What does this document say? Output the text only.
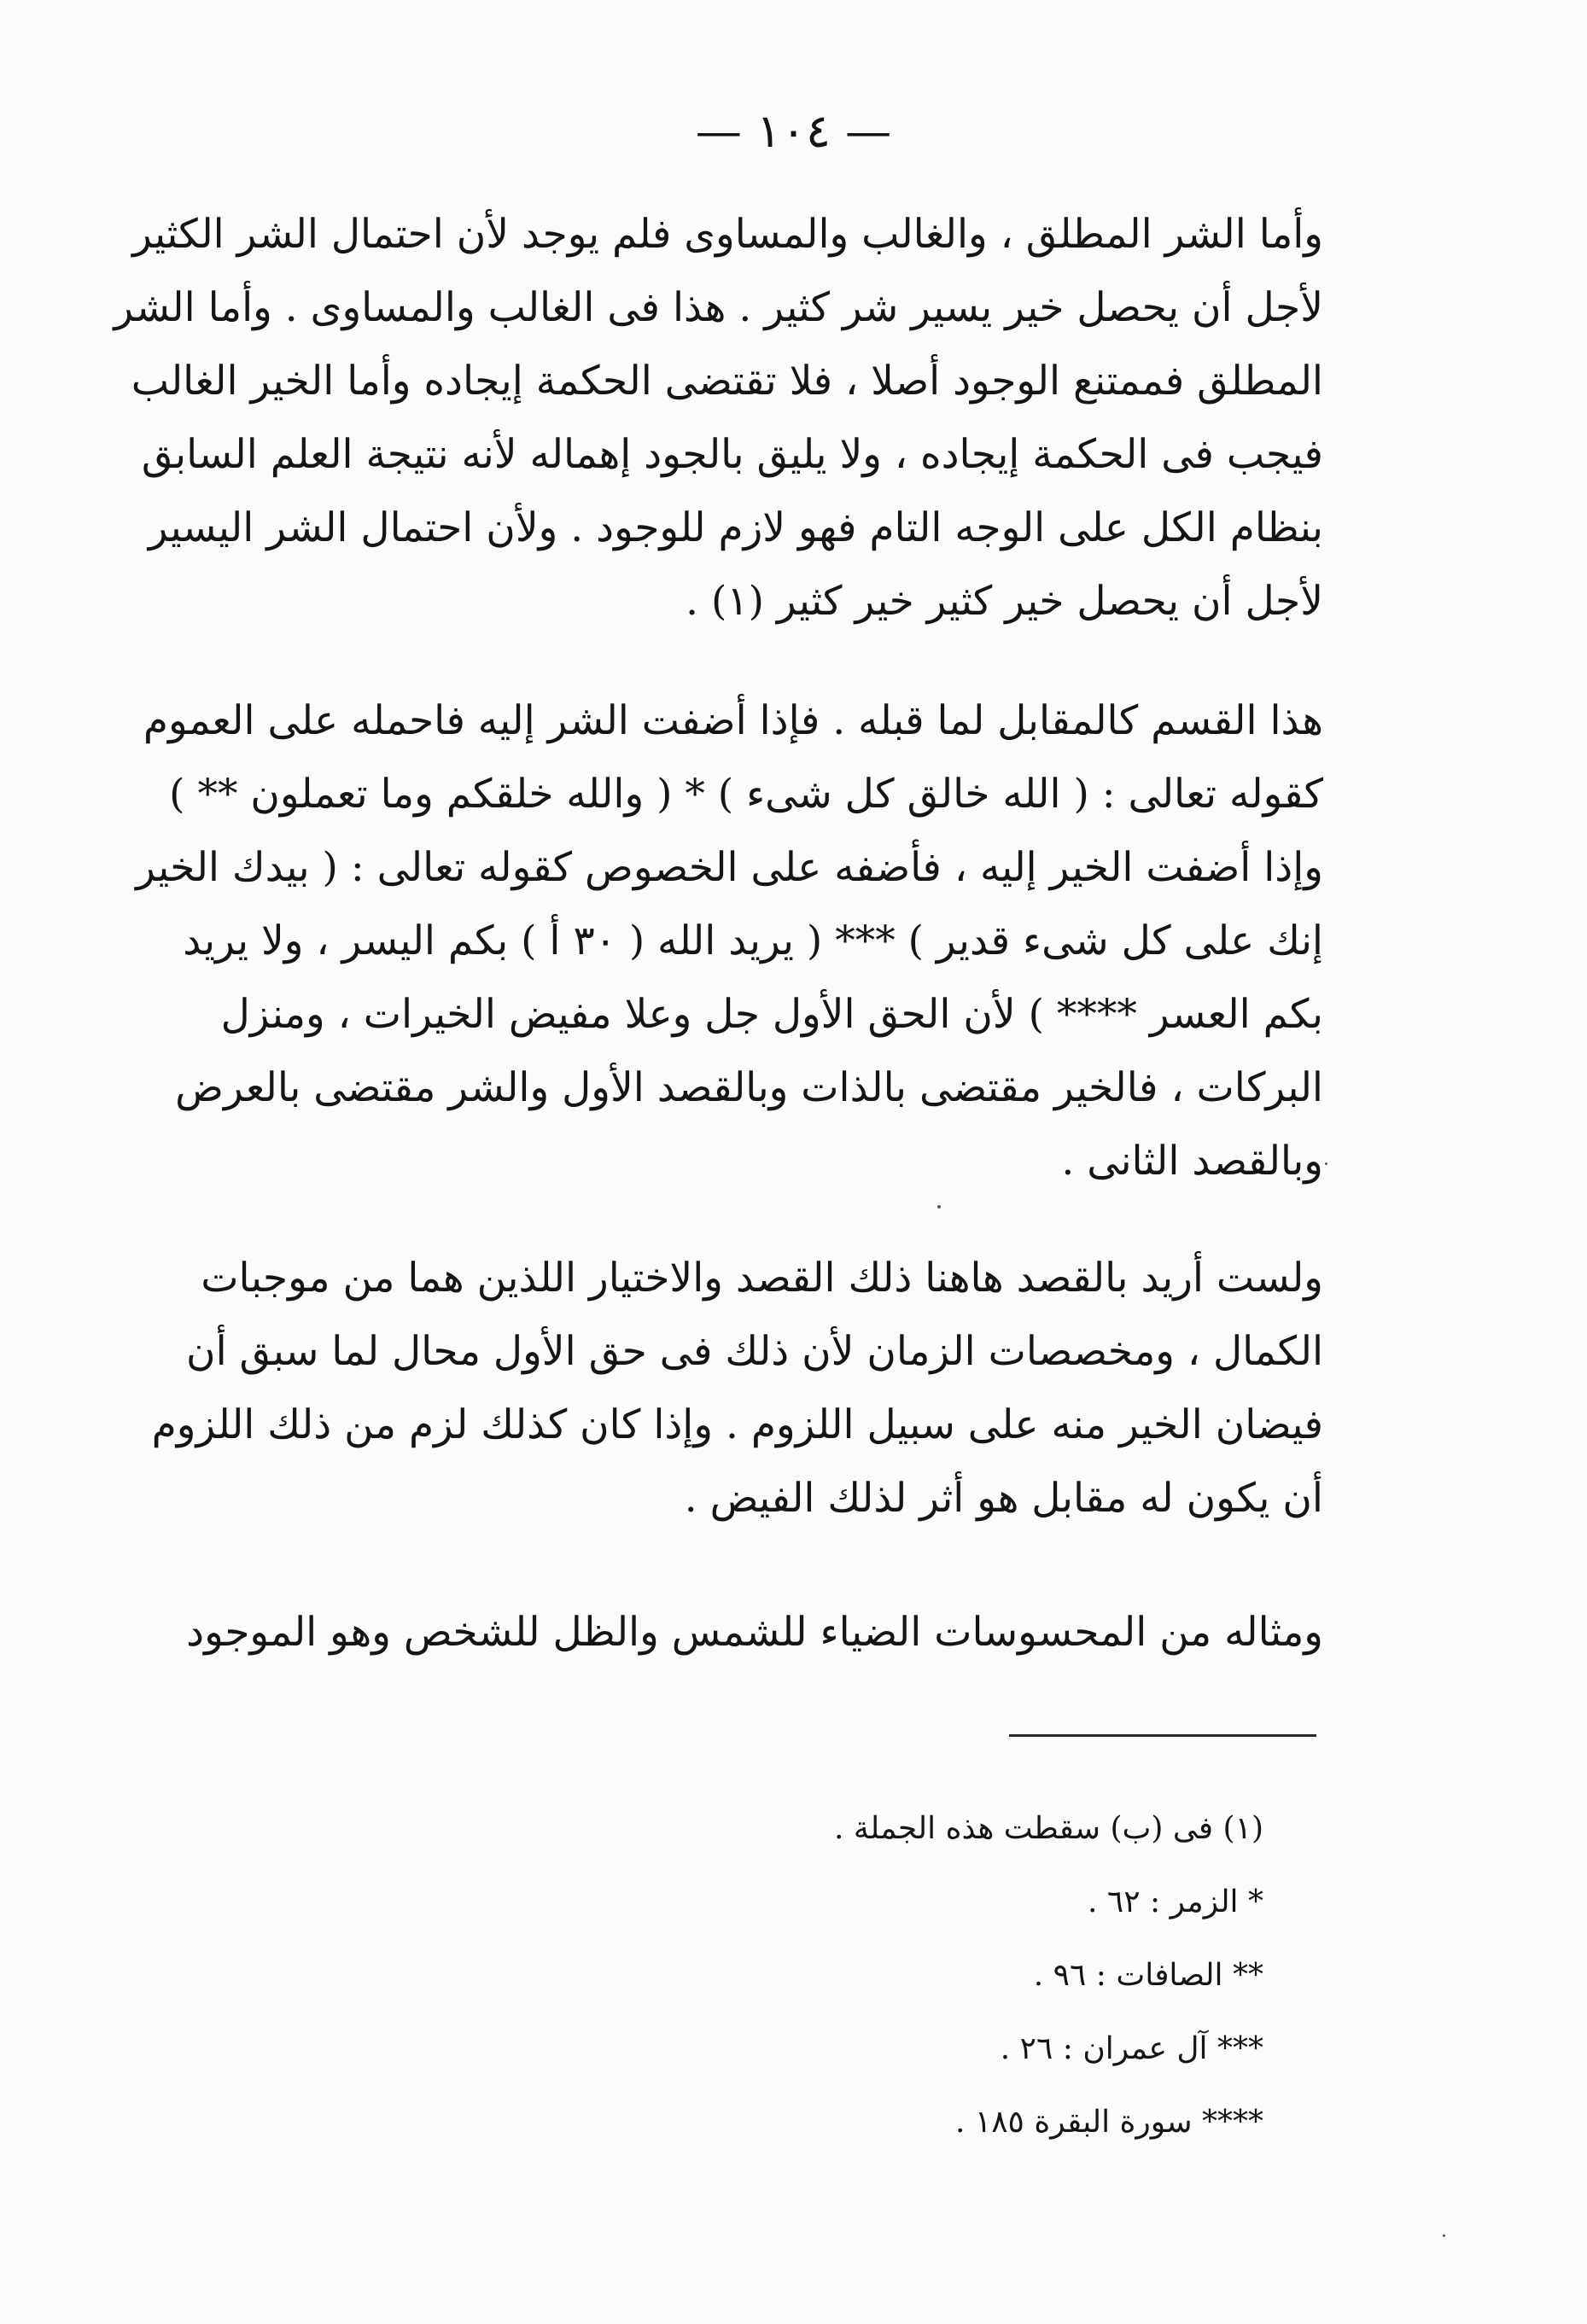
— ١٠٤ —
وأما الشر المطلق ، والغالب والمساوى فلم يوجد لأن احتمال الشر الكثير
لأجل أن يحصل خير يسير شر كثير . هذا فى الغالب والمساوى . وأما الشر
المطلق فممتنع الوجود أصلا ، فلا تقتضى الحكمة إيجاده وأما الخير الغالب
فيجب فى الحكمة إيجاده ، ولا يليق بالجود إهماله لأنه نتيجة العلم السابق
بنظام الكل على الوجه التام فهو لازم للوجود . ولأن احتمال الشر اليسير
لأجل أن يحصل خير كثير خير كثير (١) .
هذا القسم كالمقابل لما قبله . فإذا أضفت الشر إليه فاحمله على العموم
كقوله تعالى : ( الله خالق كل شىء ) * ( والله خلقكم وما تعملون ** )
وإذا أضفت الخير إليه ، فأضفه على الخصوص كقوله تعالى : ( بيدك الخير
إنك على كل شىء قدير ) *** ( يريد الله ( ٣٠ أ ) بكم اليسر ، ولا يريد
بكم العسر **** ) لأن الحق الأول جل وعلا مفيض الخيرات ، ومنزل
البركات ، فالخير مقتضى بالذات وبالقصد الأول والشر مقتضى بالعرض
وبالقصد الثانى .
ولست أريد بالقصد هاهنا ذلك القصد والاختيار اللذين هما من موجبات
الكمال ، ومخصصات الزمان لأن ذلك فى حق الأول محال لما سبق أن
فيضان الخير منه على سبيل اللزوم . وإذا كان كذلك لزم من ذلك اللزوم
أن يكون له مقابل هو أثر لذلك الفيض .
ومثاله من المحسوسات الضياء للشمس والظل للشخص وهو الموجود
(١) فى (ب) سقطت هذه الجملة .
* الزمر : ٦٢ .
** الصافات : ٩٦ .
*** آل عمران : ٢٦ .
**** سورة البقرة ١٨٥ .
